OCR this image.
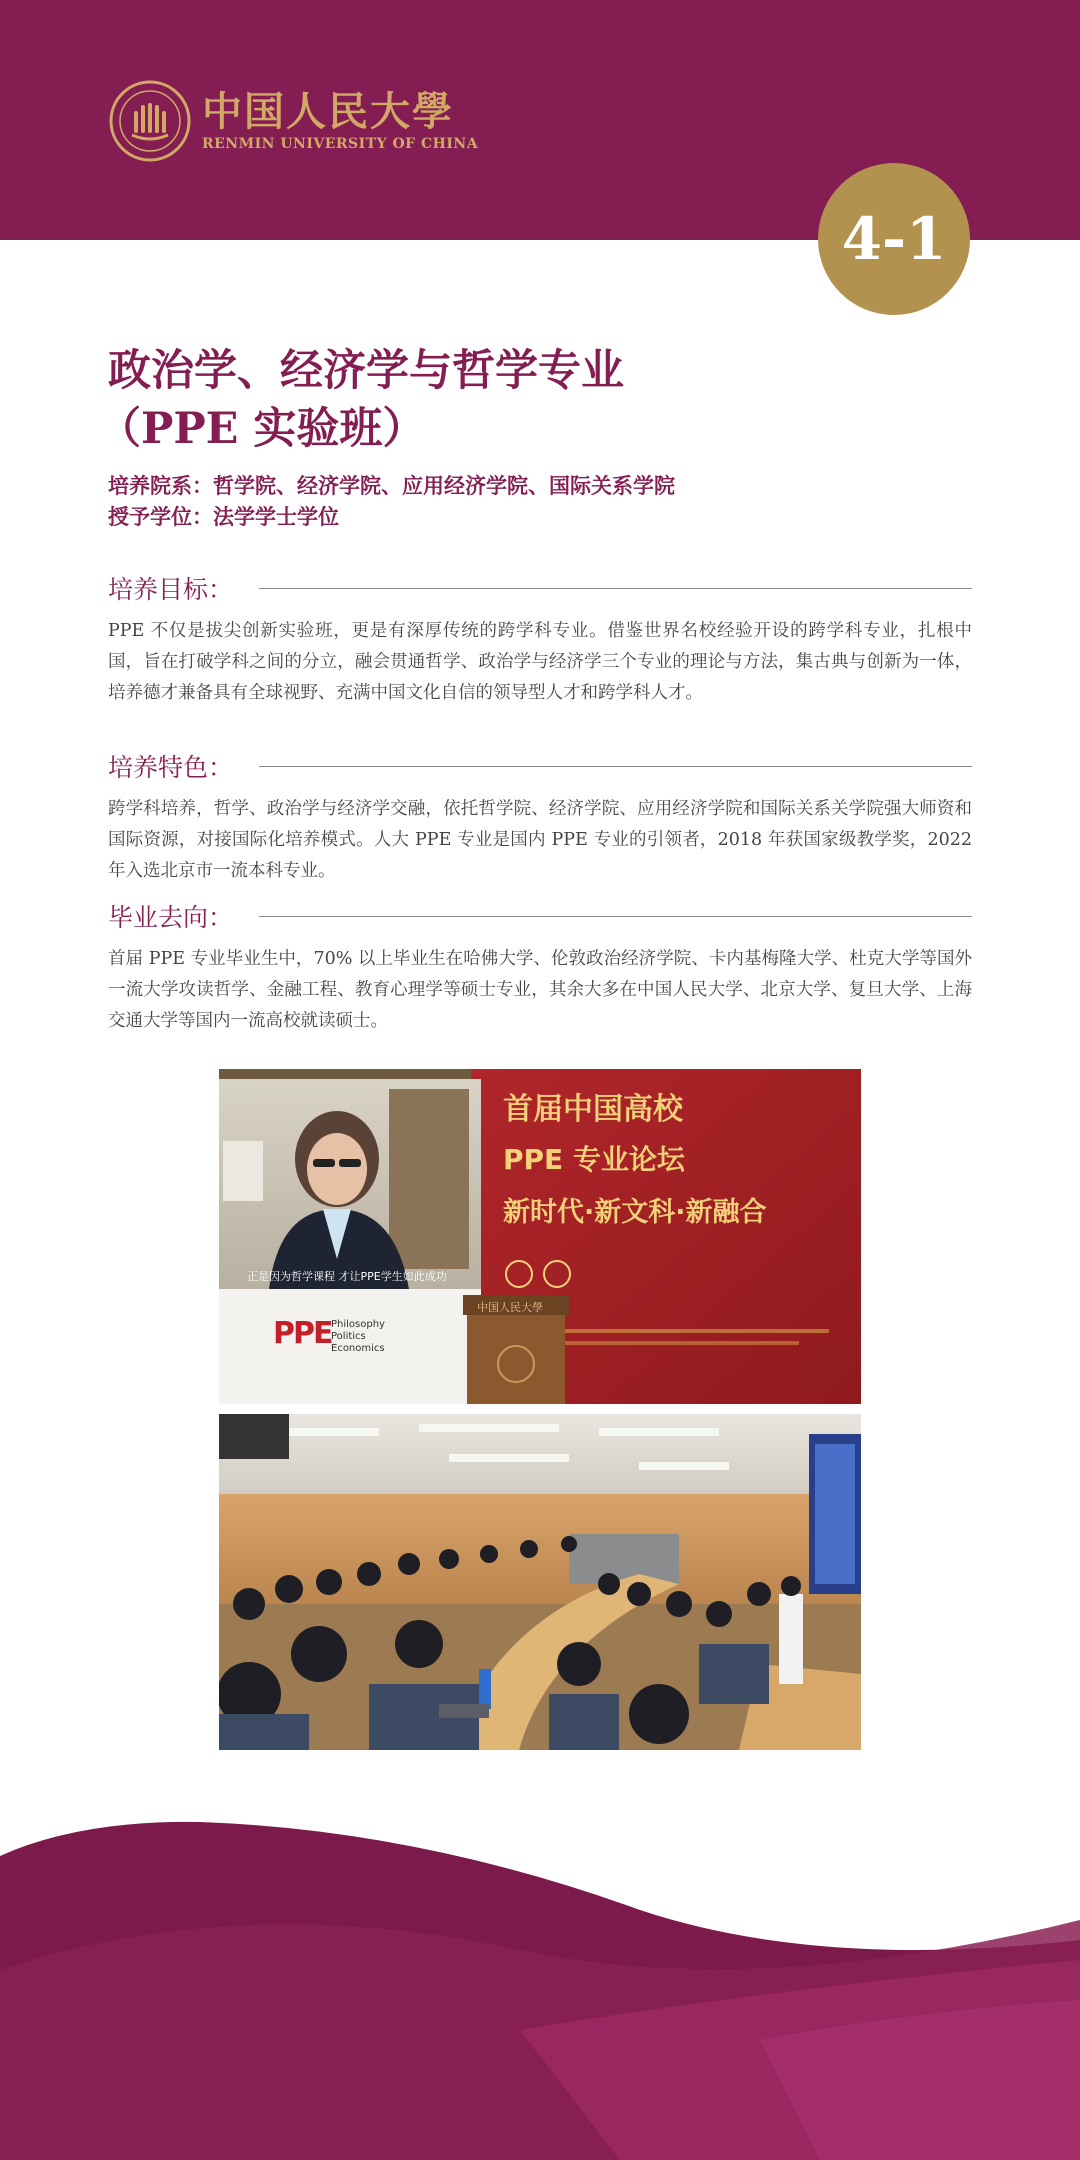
中国人民大學
RENMIN UNIVERSITY OF CHINA
4-1
政治学、经济学与哲学专业

（PPE 实验班）
培养院系：哲学院、经济学院、应用经济学院、国际关系学院
授予学位：法学学士学位
培养目标：

PPE 不仅是拔尖创新实验班，更是有深厚传统的跨学科专业。借鉴世界名校经验开设的跨学科专业，扎根中国，旨在打破学科之间的分立，融会贯通哲学、政治学与经济学三个专业的理论与方法，集古典与创新为一体，培养德才兼备具有全球视野、充满中国文化自信的领导型人才和跨学科人才。

培养特色：

跨学科培养，哲学、政治学与经济学交融，依托哲学院、经济学院、应用经济学院和国际关系关学院强大师资和国际资源，对接国际化培养模式。人大 PPE 专业是国内 PPE 专业的引领者，2018 年获国家级教学奖，2022 年入选北京市一流本科专业。

毕业去向：

首届 PPE 专业毕业生中，70% 以上毕业生在哈佛大学、伦敦政治经济学院、卡内基梅隆大学、杜克大学等国外一流大学攻读哲学、金融工程、教育心理学等硕士专业，其余大多在中国人民大学、北京大学、复旦大学、上海交通大学等国内一流高校就读硕士。

正是因为哲学课程 才让PPE学生如此成功
PPE Philosophy
Politics
Economics
首届中国高校
PPE 专业论坛
新时代·新文科·新融合
中国人民大學
